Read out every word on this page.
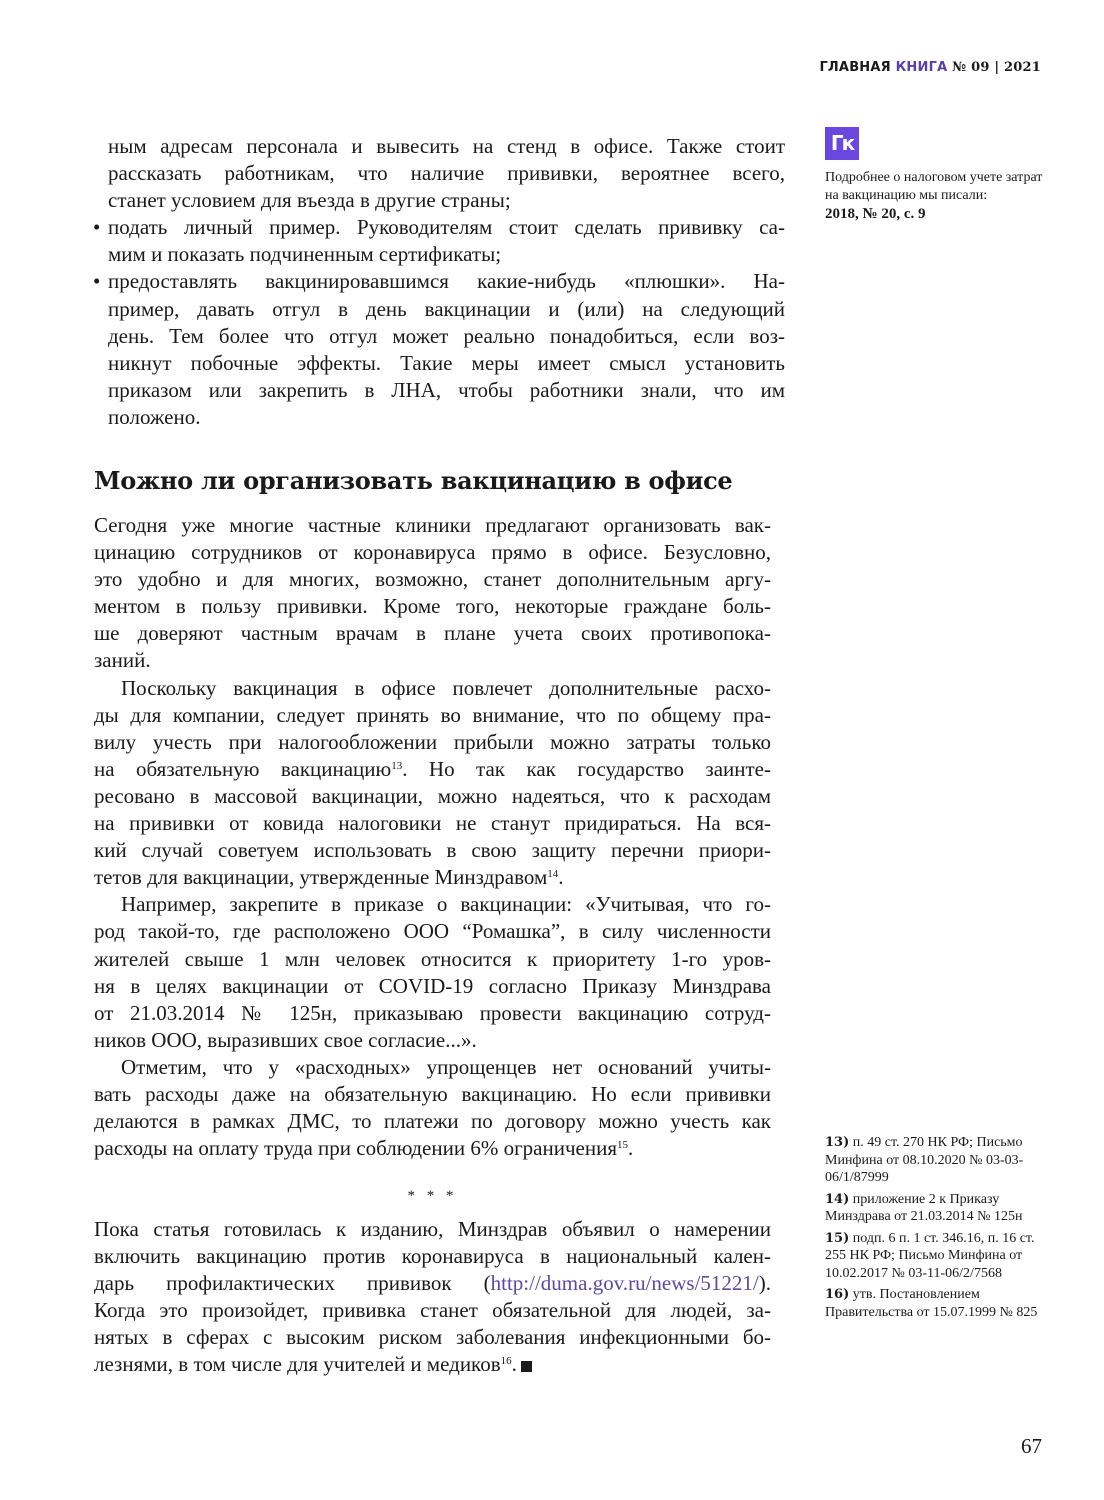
ГЛАВНАЯ КНИГА № 09 | 2021
ным адресам персонала и вывесить на стенд в офисе. Также стоит
рассказать работникам, что наличие прививки, вероятнее всего,
станет условием для въезда в другие страны;
• подать личный пример. Руководителям стоит сделать прививку са-
мим и показать подчиненным сертификаты;
• предоставлять вакцинировавшимся какие-нибудь «плюшки». На-
пример, давать отгул в день вакцинации и (или) на следующий
день. Тем более что отгул может реально понадобиться, если воз-
никнут побочные эффекты. Такие меры имеет смысл установить
приказом или закрепить в ЛНА, чтобы работники знали, что им
положено.
Можно ли организовать вакцинацию в офисе
Сегодня уже многие частные клиники предлагают организовать вак-
цинацию сотрудников от коронавируса прямо в офисе. Безусловно,
это удобно и для многих, возможно, станет дополнительным аргу-
ментом в пользу прививки. Кроме того, некоторые граждане боль-
ше доверяют частным врачам в плане учета своих противопока-
заний.
Поскольку вакцинация в офисе повлечет дополнительные расхо-
ды для компании, следует принять во внимание, что по общему пра-
вилу учесть при налогообложении прибыли можно затраты только
на обязательную вакцинацию$^{13}$. Но так как государство заинте-
ресовано в массовой вакцинации, можно надеяться, что к расходам
на прививки от ковида налоговики не станут придираться. На вся-
кий случай советуем использовать в свою защиту перечни приори-
тетов для вакцинации, утвержденные Минздравом$^{14}$.
Например, закрепите в приказе о вакцинации: «Учитывая, что го-
род такой-то, где расположено ООО “Ромашка”, в силу численности
жителей свыше 1 млн человек относится к приоритету 1-го уров-
ня в целях вакцинации от COVID-19 согласно Приказу Минздрава
от 21.03.2014 № 125н, приказываю провести вакцинацию сотруд-
ников ООО, выразивших свое согласие...».
Отметим, что у «расходных» упрощенцев нет оснований учиты-
вать расходы даже на обязательную вакцинацию. Но если прививки
делаются в рамках ДМС, то платежи по договору можно учесть как
расходы на оплату труда при соблюдении 6% ограничения$^{15}$.
* * *
Пока статья готовилась к изданию, Минздрав объявил о намерении
включить вакцинацию против коронавируса в национальный кален-
дарь профилактических прививок (http://duma.gov.ru/news/51221/).
Когда это произойдет, прививка станет обязательной для людей, за-
нятых в сферах с высоким риском заболевания инфекционными бо-
лезнями, в том числе для учителей и медиков$^{16}$.
Гк
Подробнее о налоговом учете затрат на вакцинацию мы писали:
2018, № 20, с. 9
13) п. 49 ст. 270 НК РФ; Письмо Минфина от 08.10.2020 № 03-03-06/1/87999
14) приложение 2 к Приказу Минздрава от 21.03.2014 № 125н
15) подп. 6 п. 1 ст. 346.16, п. 16 ст. 255 НК РФ; Письмо Минфина от 10.02.2017 № 03-11-06/2/7568
16) утв. Постановлением Правительства от 15.07.1999 № 825
67
